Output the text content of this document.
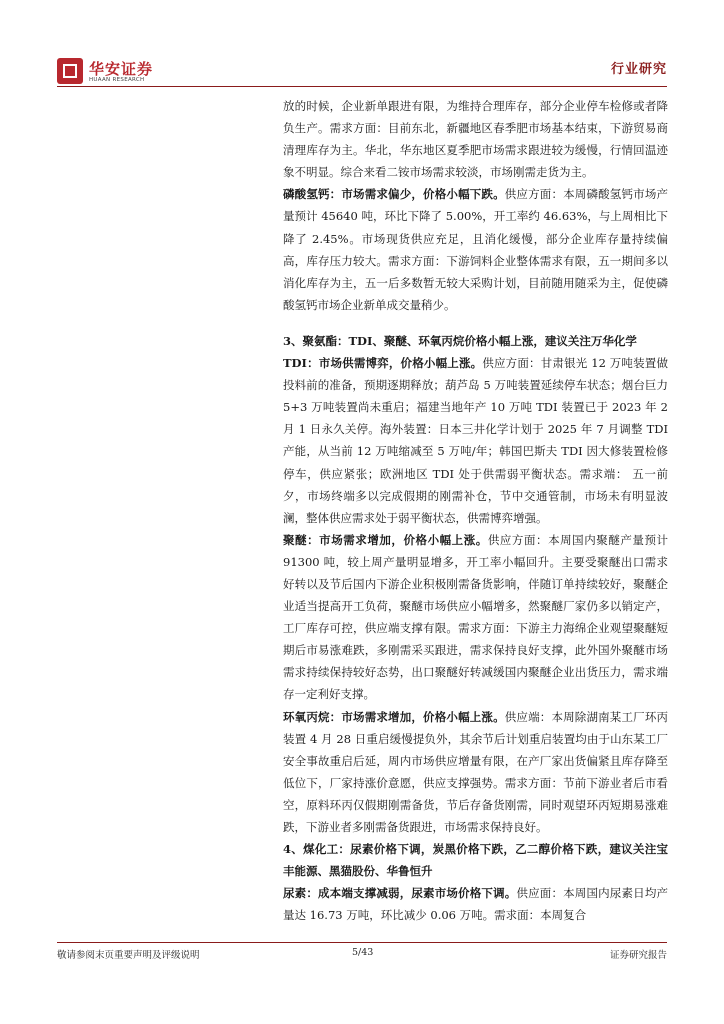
华安证券
HUAAN RESEARCH
行业研究

放的时候，企业新单跟进有限，为维持合理库存，部分企业停车检修或者降负生产。需求方面：目前东北，新疆地区春季肥市场基本结束，下游贸易商清理库存为主。华北，华东地区夏季肥市场需求跟进较为缓慢，行情回温迹象不明显。综合来看二铵市场需求较淡，市场刚需走货为主。

磷酸氢钙：市场需求偏少，价格小幅下跌。供应方面：本周磷酸氢钙市场产量预计 45640 吨，环比下降了 5.00%，开工率约 46.63%，与上周相比下降了 2.45%。市场现货供应充足，且消化缓慢，部分企业库存量持续偏高，库存压力较大。需求方面：下游饲料企业整体需求有限，五一期间多以消化库存为主，五一后多数暂无较大采购计划，目前随用随采为主，促使磷酸氢钙市场企业新单成交量稍少。

3、聚氨酯：TDI、聚醚、环氧丙烷价格小幅上涨，建议关注万华化学

TDI：市场供需博弈，价格小幅上涨。供应方面：甘肃银光 12 万吨装置做投料前的准备，预期逐期释放；葫芦岛 5 万吨装置延续停车状态；烟台巨力 5+3 万吨装置尚未重启；福建当地年产 10 万吨 TDI 装置已于 2023 年 2 月 1 日永久关停。海外装置：日本三井化学计划于 2025 年 7 月调整 TDI 产能，从当前 12 万吨缩减至 5 万吨/年；韩国巴斯夫 TDI 因大修装置检修停车，供应紧张；欧洲地区 TDI 处于供需弱平衡状态。需求端： 五一前夕，市场终端多以完成假期的刚需补仓，节中交通管制，市场未有明显波澜，整体供应需求处于弱平衡状态，供需博弈增强。

聚醚：市场需求增加，价格小幅上涨。供应方面：本周国内聚醚产量预计 91300 吨，较上周产量明显增多，开工率小幅回升。主要受聚醚出口需求好转以及节后国内下游企业积极刚需备货影响，伴随订单持续较好，聚醚企业适当提高开工负荷，聚醚市场供应小幅增多，然聚醚厂家仍多以销定产，工厂库存可控，供应端支撑有限。需求方面：下游主力海绵企业观望聚醚短期后市易涨难跌，多刚需采买跟进，需求保持良好支撑，此外国外聚醚市场需求持续保持较好态势，出口聚醚好转减缓国内聚醚企业出货压力，需求端存一定利好支撑。

环氧丙烷：市场需求增加，价格小幅上涨。供应端：本周除湖南某工厂环丙装置 4 月 28 日重启缓慢提负外，其余节后计划重启装置均由于山东某工厂安全事故重启后延，周内市场供应增量有限，在产厂家出货偏紧且库存降至低位下，厂家持涨价意愿，供应支撑强势。需求方面：节前下游业者后市看空，原料环丙仅假期刚需备货，节后存备货刚需，同时观望环丙短期易涨难跌，下游业者多刚需备货跟进，市场需求保持良好。

4、煤化工：尿素价格下调，炭黑价格下跌，乙二醇价格下跌，建议关注宝丰能源、黑猫股份、华鲁恒升

尿素：成本端支撑减弱，尿素市场价格下调。供应面：本周国内尿素日均产量达 16.73 万吨，环比减少 0.06 万吨。需求面：本周复合

敬请参阅末页重要声明及评级说明	5/43	证券研究报告
